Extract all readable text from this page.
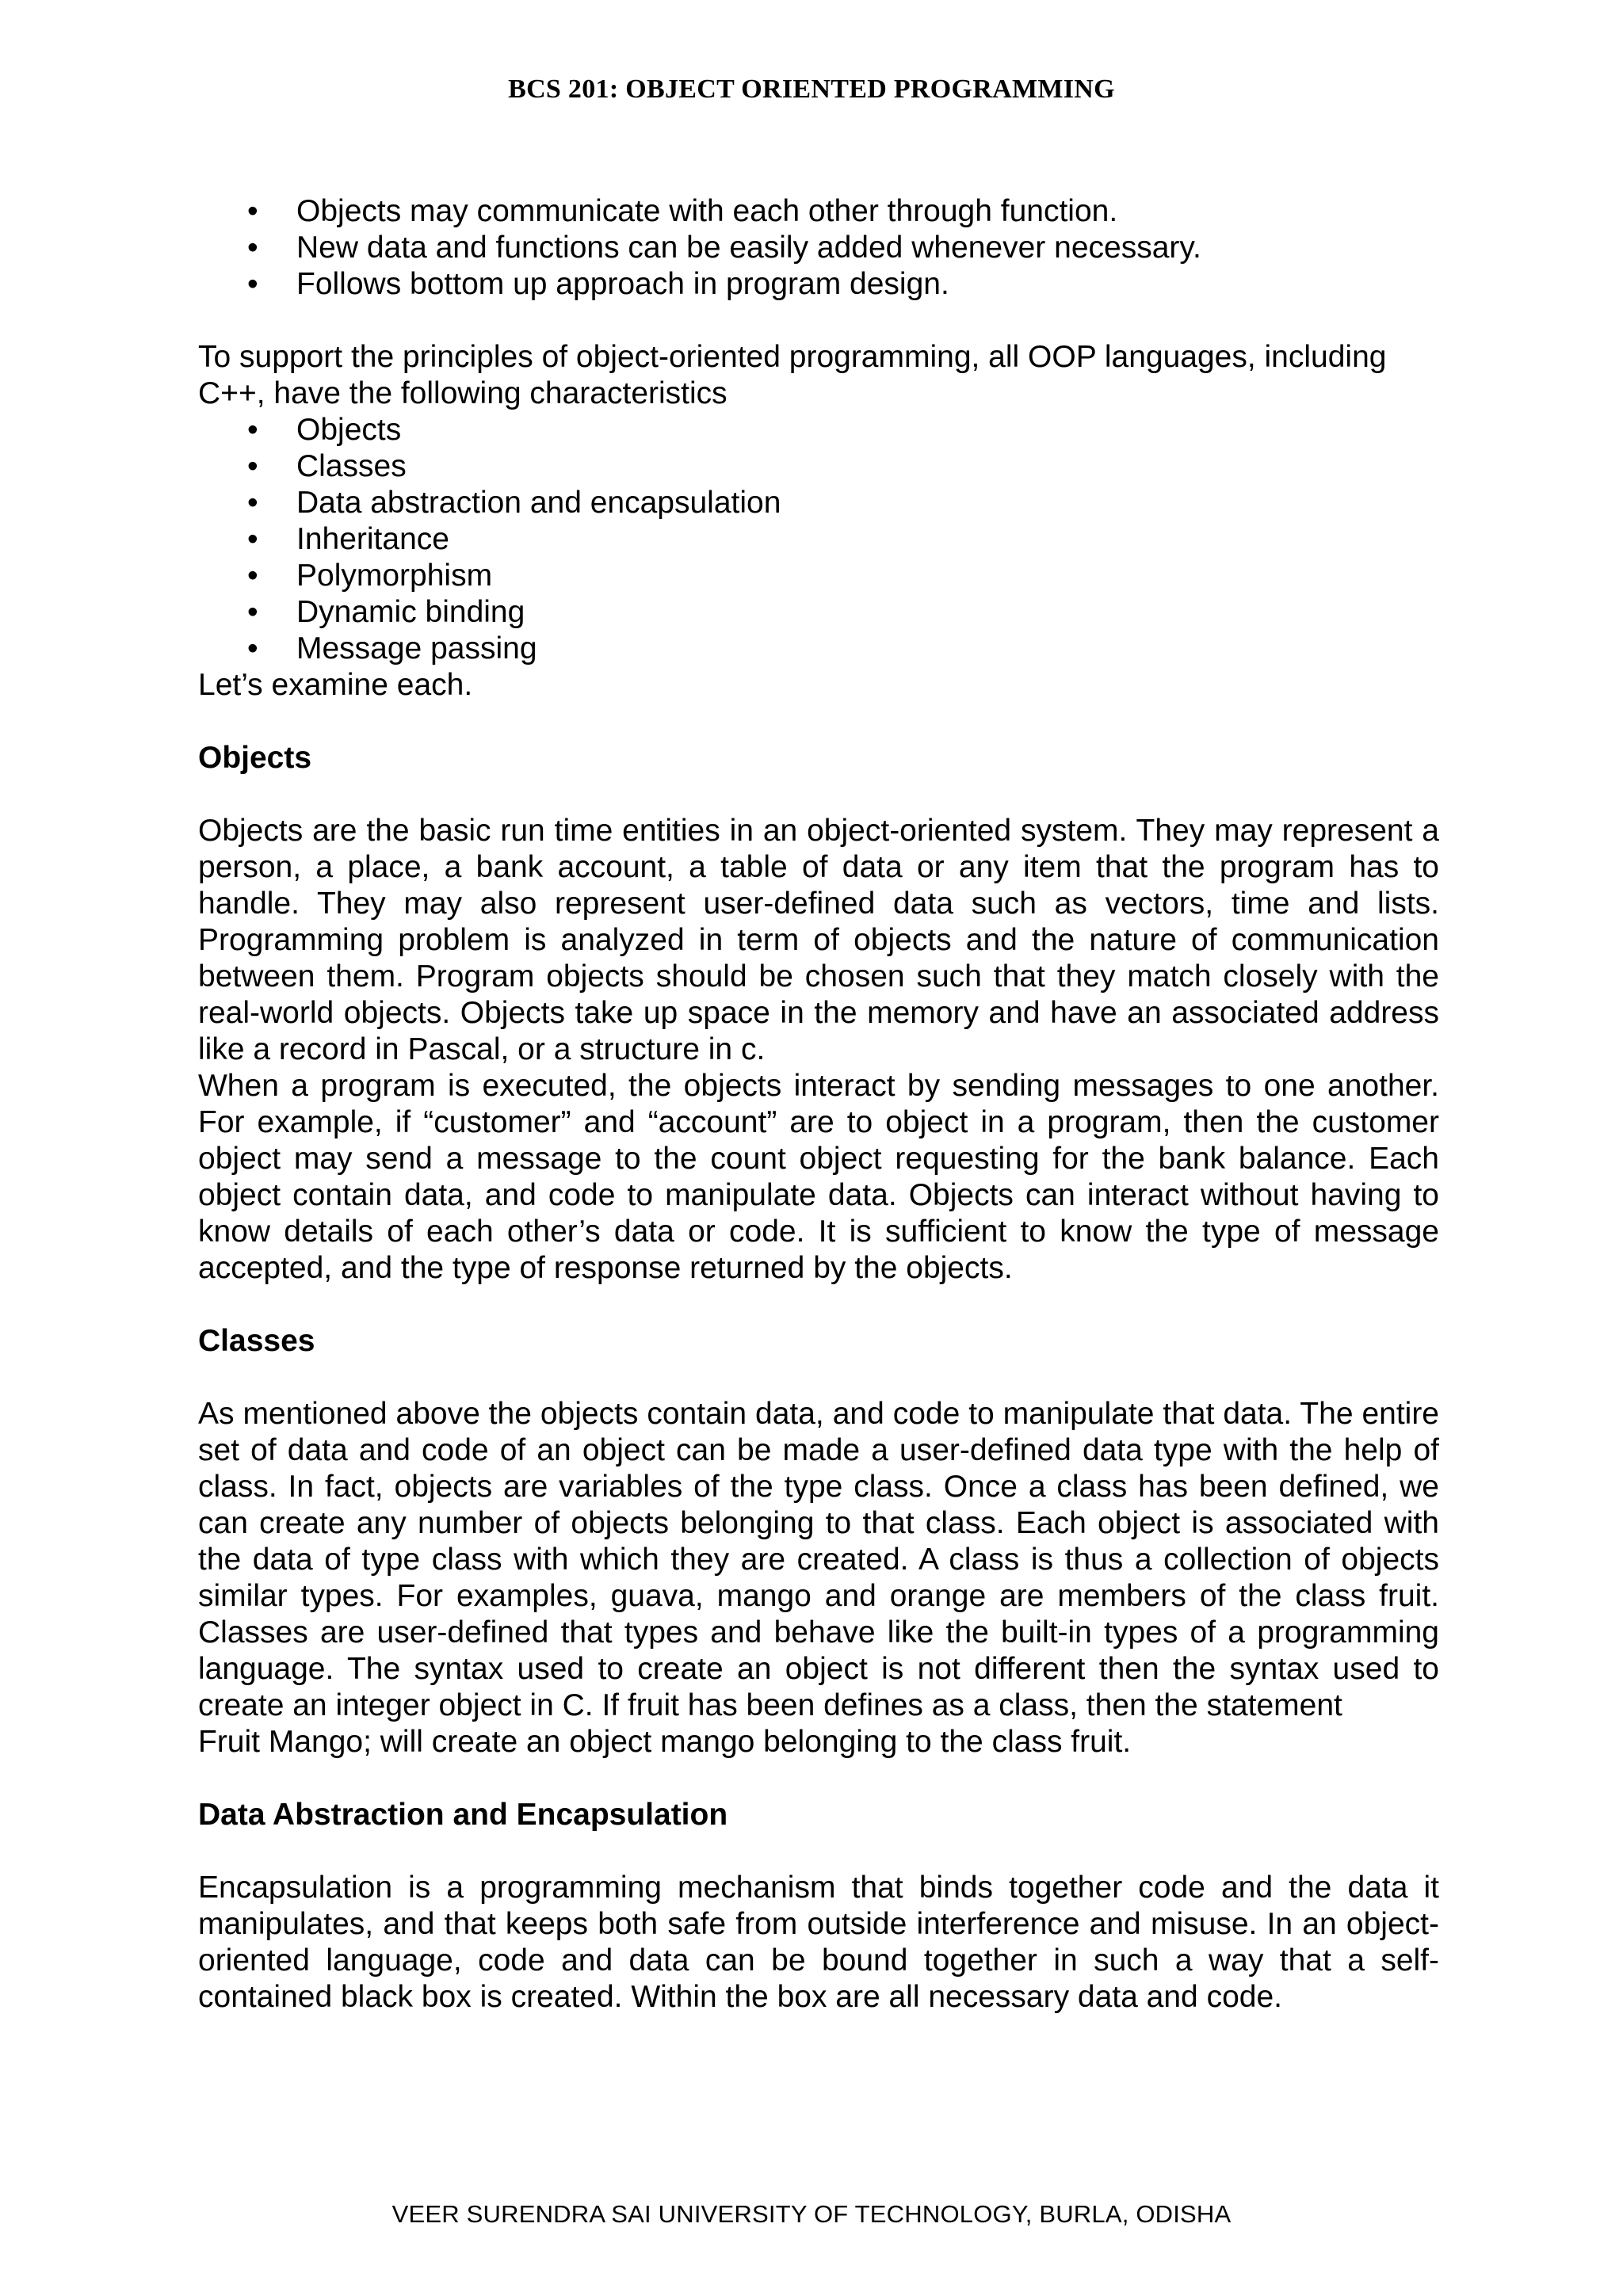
BCS 201: OBJECT ORIENTED PROGRAMMING
• Objects may communicate with each other through function.
• New data and functions can be easily added whenever necessary.
• Follows bottom up approach in program design.

To support the principles of object-oriented programming, all OOP languages, including

C++, have the following characteristics

• Objects
• Classes
• Data abstraction and encapsulation
• Inheritance
• Polymorphism
• Dynamic binding
• Message passing

Let’s examine each.

Objects

Objects are the basic run time entities in an object-oriented system. They may represent a person, a place, a bank account, a table of data or any item that the program has to handle. They may also represent user-defined data such as vectors, time and lists. Programming problem is analyzed in term of objects and the nature of communication between them. Program objects should be chosen such that they match closely with the real-world objects. Objects take up space in the memory and have an associated address like a record in Pascal, or a structure in c.

When a program is executed, the objects interact by sending messages to one another. For example, if “customer” and “account” are to object in a program, then the customer object may send a message to the count object requesting for the bank balance. Each object contain data, and code to manipulate data. Objects can interact without having to know details of each other’s data or code. It is sufficient to know the type of message accepted, and the type of response returned by the objects.

Classes

As mentioned above the objects contain data, and code to manipulate that data. The entire set of data and code of an object can be made a user-defined data type with the help of class. In fact, objects are variables of the type class. Once a class has been defined, we can create any number of objects belonging to that class. Each object is associated with the data of type class with which they are created. A class is thus a collection of objects similar types. For examples, guava, mango and orange are members of the class fruit. Classes are user-defined that types and behave like the built-in types of a programming language. The syntax used to create an object is not different then the syntax used to create an integer object in C. If fruit has been defines as a class, then the statement

Fruit Mango; will create an object mango belonging to the class fruit.

Data Abstraction and Encapsulation

Encapsulation is a programming mechanism that binds together code and the data it manipulates, and that keeps both safe from outside interference and misuse. In an object-oriented language, code and data can be bound together in such a way that a self-contained black box is created. Within the box are all necessary data and code.

VEER SURENDRA SAI UNIVERSITY OF TECHNOLOGY, BURLA, ODISHA
